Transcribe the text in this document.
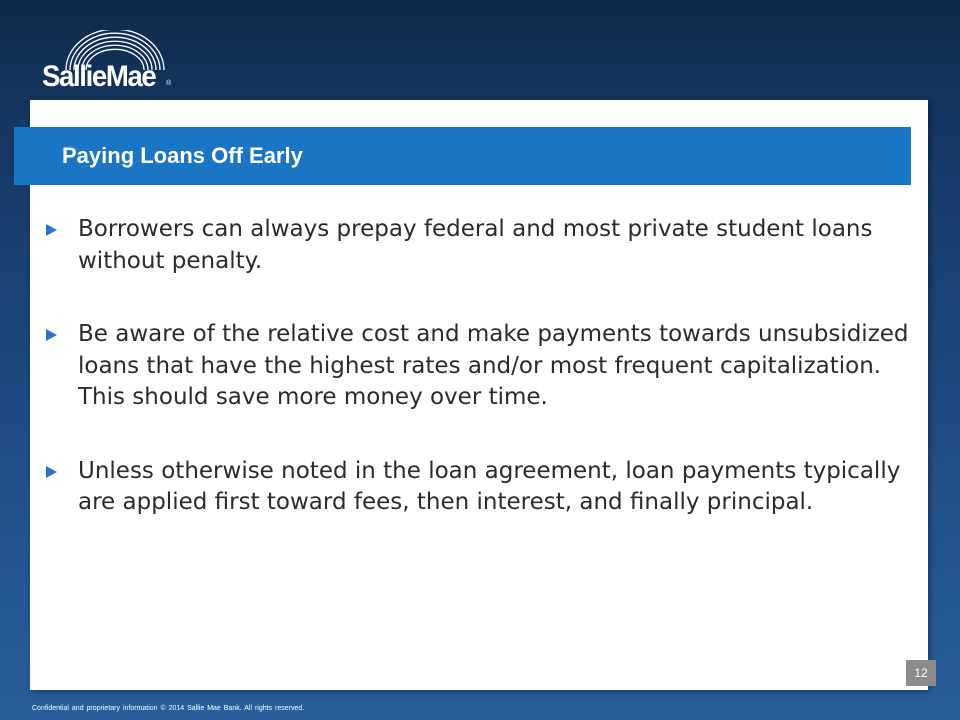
SallieMae ®
Paying Loans Off Early
Borrowers can always prepay federal and most private student loans without penalty.
Be aware of the relative cost and make payments towards unsubsidized loans that have the highest rates and/or most frequent capitalization. This should save more money over time.
Unless otherwise noted in the loan agreement, loan payments typically are applied first toward fees, then interest, and finally principal.
12
Confidential and proprietary information © 2014 Sallie Mae Bank. All rights reserved.
